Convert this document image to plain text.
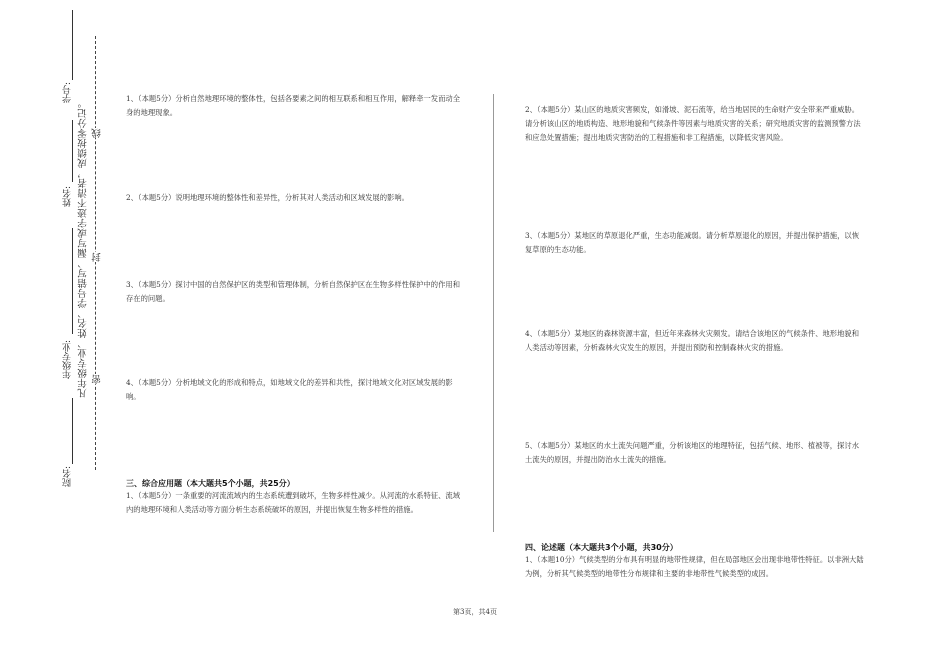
学号:
姓名:
年级专业:
院名:
凡年级专业、姓名、学号错写、漏写或字迹不清者，成绩按零分记。 密
封
线
1、（本题5分）分析自然地理环境的整体性，包括各要素之间的相互联系和相互作用，解释牵一发而动全身的地理现象。
2、（本题5分）说明地理环境的整体性和差异性，分析其对人类活动和区域发展的影响。
3、（本题5分）探讨中国的自然保护区的类型和管理体制，分析自然保护区在生物多样性保护中的作用和存在的问题。
4、（本题5分）分析地域文化的形成和特点，如地域文化的差异和共性，探讨地域文化对区域发展的影响。
三、综合应用题（本大题共5个小题，共25分）
1、（本题5分）一条重要的河流流域内的生态系统遭到破坏，生物多样性减少。从河流的水系特征、流域内的地理环境和人类活动等方面分析生态系统破坏的原因，并提出恢复生物多样性的措施。
2、（本题5分）某山区的地质灾害频发，如滑坡、泥石流等，给当地居民的生命财产安全带来严重威胁。请分析该山区的地质构造、地形地貌和气候条件等因素与地质灾害的关系；研究地质灾害的监测预警方法和应急处置措施；提出地质灾害防治的工程措施和非工程措施，以降低灾害风险。
3、（本题5分）某地区的草原退化严重，生态功能减弱。请分析草原退化的原因，并提出保护措施，以恢复草原的生态功能。
4、（本题5分）某地区的森林资源丰富，但近年来森林火灾频发。请结合该地区的气候条件、地形地貌和人类活动等因素，分析森林火灾发生的原因，并提出预防和控制森林火灾的措施。
5、（本题5分）某地区的水土流失问题严重，分析该地区的地理特征，包括气候、地形、植被等，探讨水土流失的原因，并提出防治水土流失的措施。
四、论述题（本大题共3个小题，共30分）
1、（本题10分）气候类型的分布具有明显的地带性规律，但在局部地区会出现非地带性特征。以非洲大陆为例，分析其气候类型的地带性分布规律和主要的非地带性气候类型的成因。
第3页，共4页
